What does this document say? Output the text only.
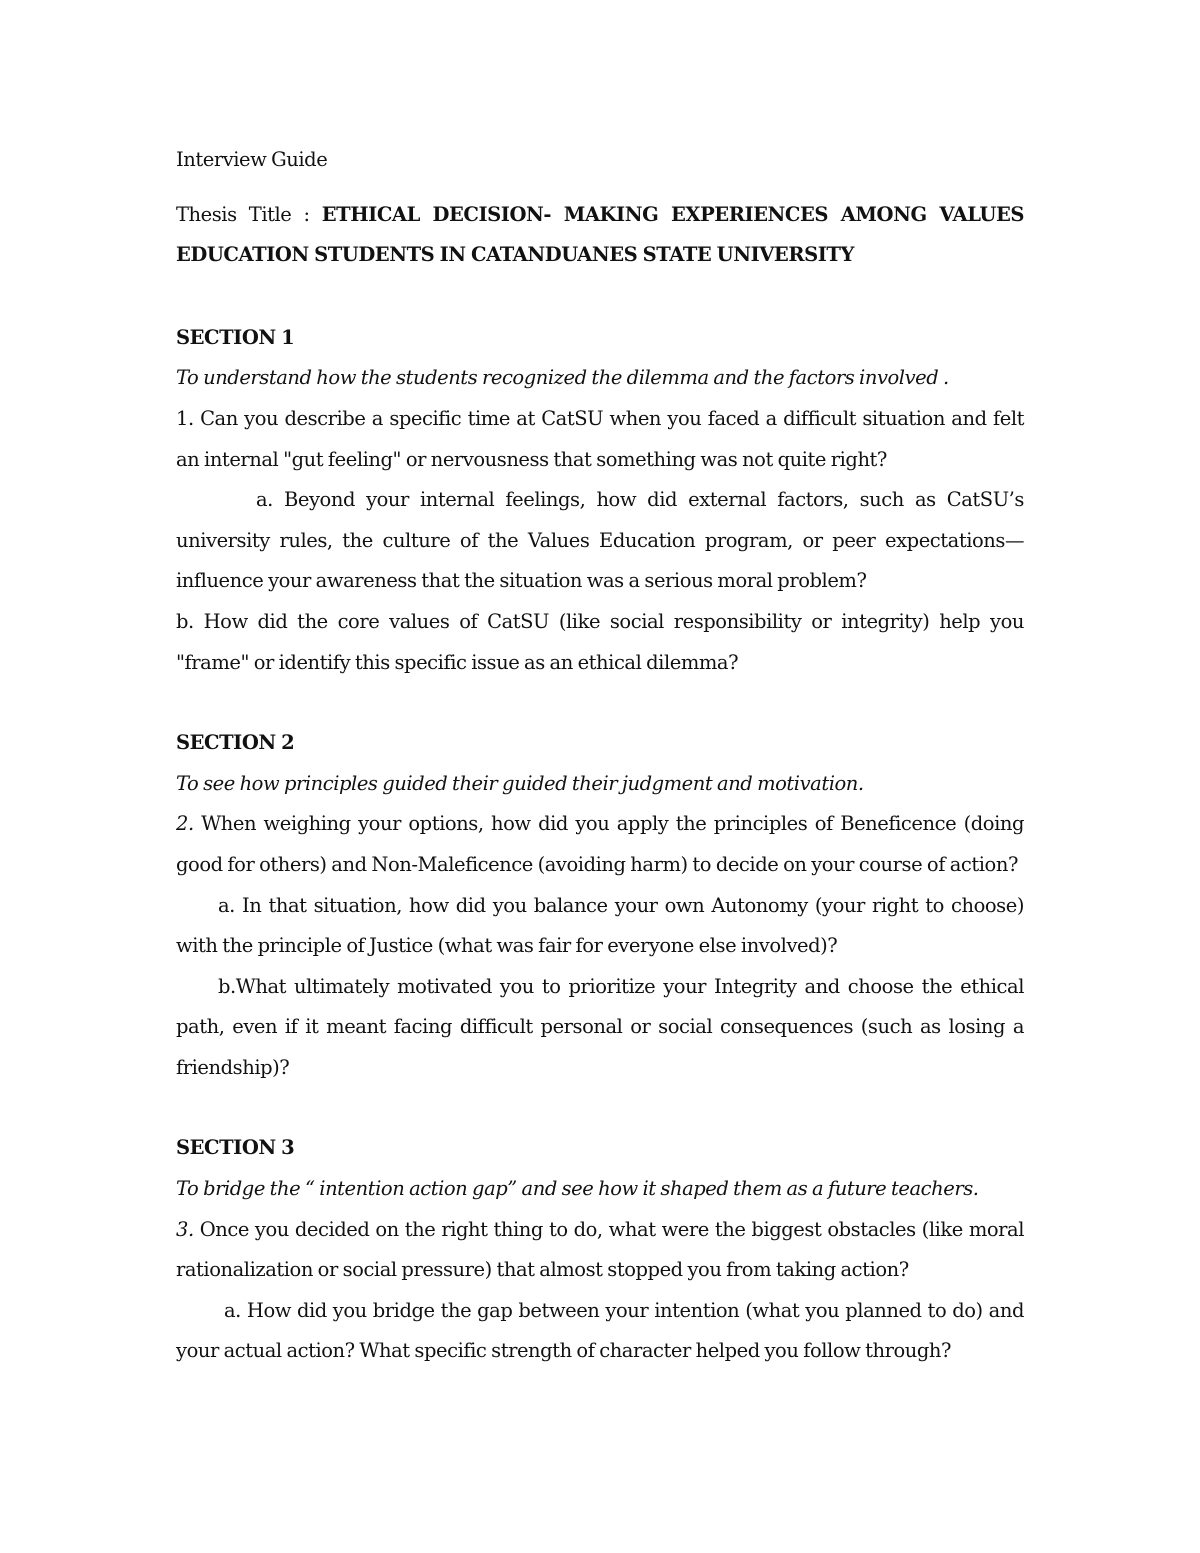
Interview Guide

Thesis Title : ETHICAL DECISION- MAKING EXPERIENCES AMONG VALUES EDUCATION STUDENTS IN CATANDUANES STATE UNIVERSITY

SECTION 1

To understand how the students recognized the dilemma and the factors involved .

1. Can you describe a specific time at CatSU when you faced a difficult situation and felt an internal "gut feeling" or nervousness that something was not quite right?

a. Beyond your internal feelings, how did external factors, such as CatSU’s university rules, the culture of the Values Education program, or peer expectations—influence your awareness that the situation was a serious moral problem?

b. How did the core values of CatSU (like social responsibility or integrity) help you "frame" or identify this specific issue as an ethical dilemma?

SECTION 2

To see how principles guided their guided their judgment and motivation.

2. When weighing your options, how did you apply the principles of Beneficence (doing good for others) and Non-Maleficence (avoiding harm) to decide on your course of action?

a. In that situation, how did you balance your own Autonomy (your right to choose) with the principle of Justice (what was fair for everyone else involved)?

b.What ultimately motivated you to prioritize your Integrity and choose the ethical path, even if it meant facing difficult personal or social consequences (such as losing a friendship)?

SECTION 3

To bridge the “ intention action gap” and see how it shaped them as a future teachers.

3. Once you decided on the right thing to do, what were the biggest obstacles (like moral rationalization or social pressure) that almost stopped you from taking action?

a. How did you bridge the gap between your intention (what you planned to do) and your actual action? What specific strength of character helped you follow through?
